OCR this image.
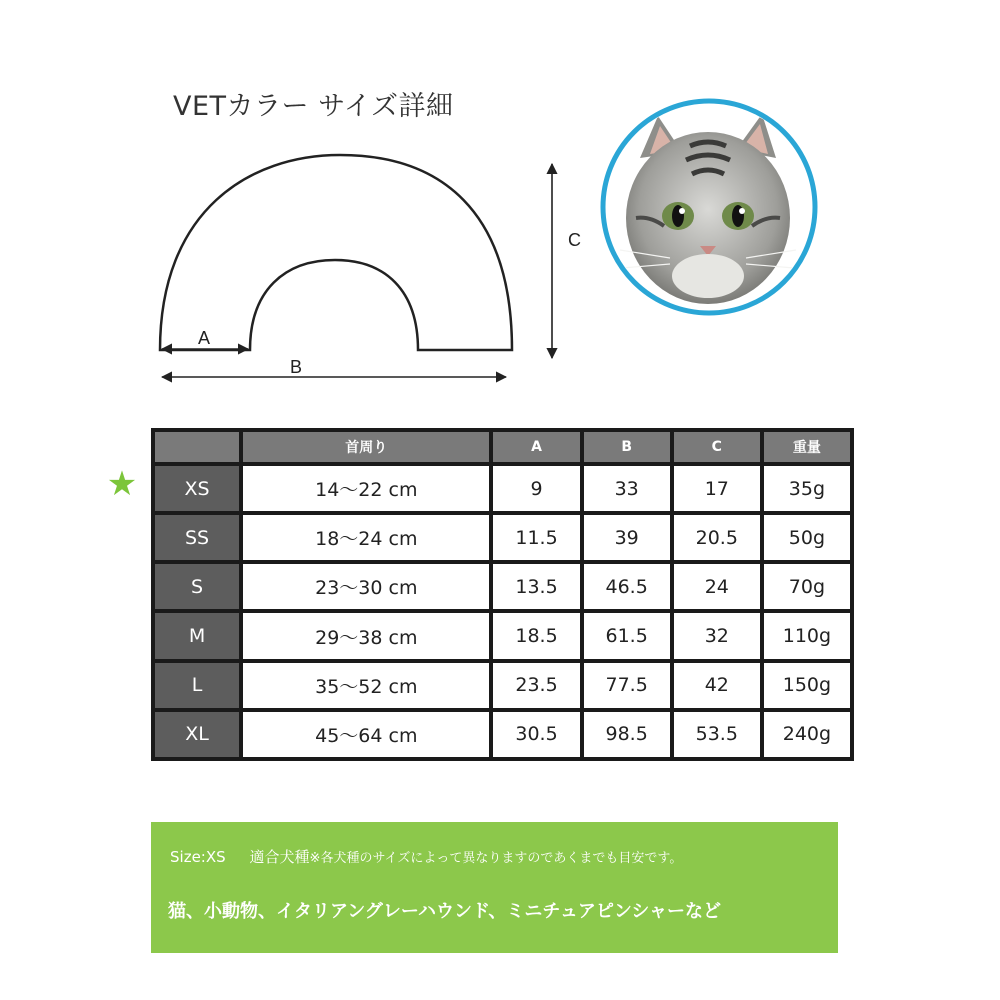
VETカラー サイズ詳細
A
B
C
★
	首周り	A	B	C	重量
XS	14～22 cm	9	33	17	35g
SS	18～24 cm	11.5	39	20.5	50g
S	23～30 cm	13.5	46.5	24	70g
M	29～38 cm	18.5	61.5	32	110g
L	35～52 cm	23.5	77.5	42	150g
XL	45～64 cm	30.5	98.5	53.5	240g
Size:XS 適合犬種※各犬種のサイズによって異なりますのであくまでも目安です。
猫、小動物、イタリアングレーハウンド、ミニチュアピンシャーなど
